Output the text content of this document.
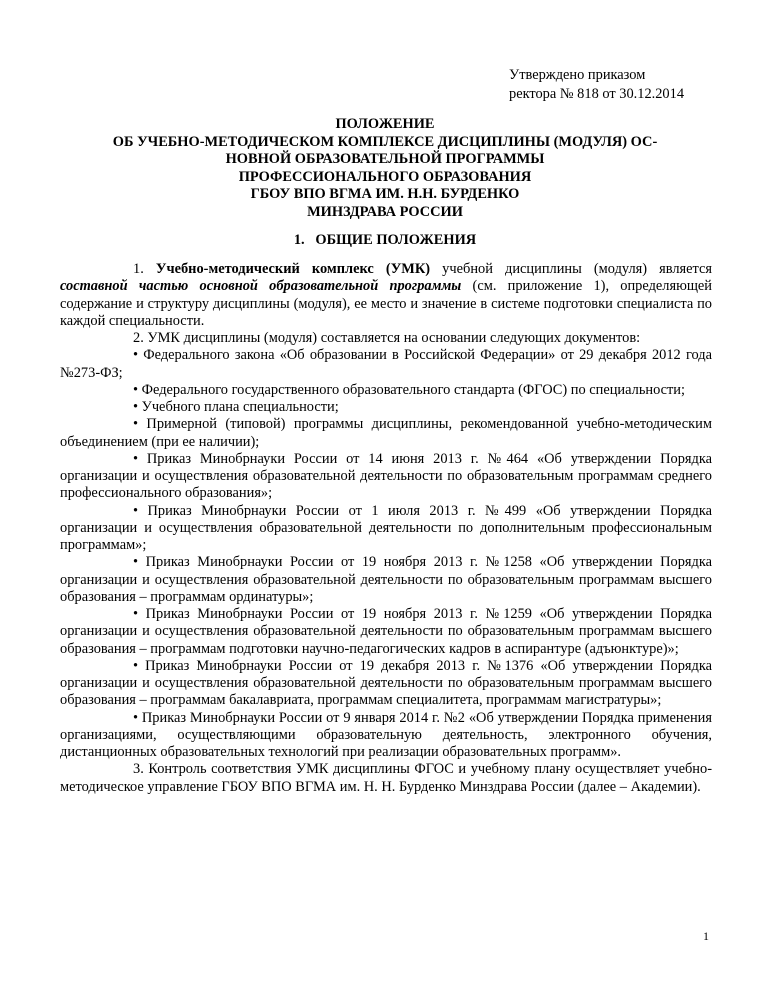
Утверждено приказом
ректора № 818 от 30.12.2014
ПОЛОЖЕНИЕ
ОБ УЧЕБНО-МЕТОДИЧЕСКОМ КОМПЛЕКСЕ ДИСЦИПЛИНЫ (МОДУЛЯ) ОС-
НОВНОЙ ОБРАЗОВАТЕЛЬНОЙ ПРОГРАММЫ
ПРОФЕССИОНАЛЬНОГО ОБРАЗОВАНИЯ
ГБОУ ВПО ВГМА ИМ. Н.Н. БУРДЕНКО
МИНЗДРАВА РОССИИ
1.   ОБЩИЕ ПОЛОЖЕНИЯ

1. Учебно-методический комплекс (УМК) учебной дисциплины (модуля) является составной частью основной образовательной программы (см. приложение 1), определяющей содержание и структуру дисциплины (модуля), ее место и значение в системе подготовки специалиста по каждой специальности.

2. УМК дисциплины (модуля) составляется на основании следующих документов:

• Федерального закона «Об образовании в Российской Федерации» от 29 декабря 2012 года №273-ФЗ;

• Федерального государственного образовательного стандарта (ФГОС) по специальности;

• Учебного плана специальности;

• Примерной (типовой) программы дисциплины, рекомендованной учебно-методическим объединением (при ее наличии);

• Приказ Минобрнауки России от 14 июня 2013 г. №464 «Об утверждении Порядка организации и осуществления образовательной деятельности по образовательным программам среднего профессионального образования»;

• Приказ Минобрнауки России от 1 июля 2013 г. №499 «Об утверждении Порядка организации и осуществления образовательной деятельности по дополнительным профессиональным программам»;

• Приказ Минобрнауки России от 19 ноября 2013 г. №1258 «Об утверждении Порядка организации и осуществления образовательной деятельности по образовательным программам высшего образования – программам ординатуры»;

• Приказ Минобрнауки России от 19 ноября 2013 г. №1259 «Об утверждении Порядка организации и осуществления образовательной деятельности по образовательным программам высшего образования – программам подготовки научно-педагогических кадров в аспирантуре (адъюнктуре)»;

• Приказ Минобрнауки России от 19 декабря 2013 г. №1376 «Об утверждении Порядка организации и осуществления образовательной деятельности по образовательным программам высшего образования – программам бакалавриата, программам специалитета, программам магистратуры»;

• Приказ Минобрнауки России от 9 января 2014 г. №2 «Об утверждении Порядка применения организациями, осуществляющими образовательную деятельность, электронного обучения, дистанционных образовательных технологий при реализации образовательных программ».

3. Контроль соответствия УМК дисциплины ФГОС и учебному плану осуществляет учебно-методическое управление ГБОУ ВПО ВГМА им. Н. Н. Бурденко Минздрава России (далее – Академии).

1
